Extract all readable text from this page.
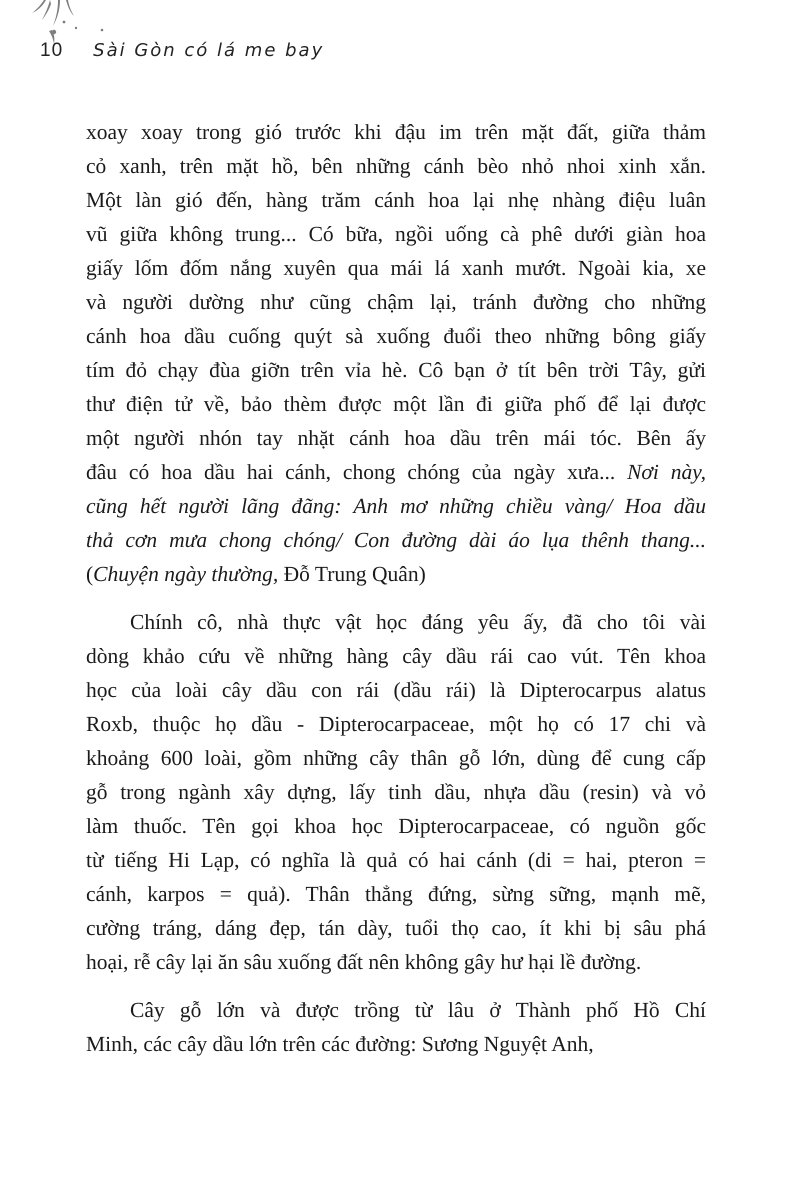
10 Sài Gòn có lá me bay
xoay xoay trong gió trước khi đậu im trên mặt đất, giữa thảm
cỏ xanh, trên mặt hồ, bên những cánh bèo nhỏ nhoi xinh xắn.
Một làn gió đến, hàng trăm cánh hoa lại nhẹ nhàng điệu luân
vũ giữa không trung... Có bữa, ngồi uống cà phê dưới giàn hoa
giấy lốm đốm nắng xuyên qua mái lá xanh mướt. Ngoài kia, xe
và người dường như cũng chậm lại, tránh đường cho những
cánh hoa dầu cuống quýt sà xuống đuổi theo những bông giấy
tím đỏ chạy đùa giỡn trên vỉa hè. Cô bạn ở tít bên trời Tây, gửi
thư điện tử về, bảo thèm được một lần đi giữa phố để lại được
một người nhón tay nhặt cánh hoa dầu trên mái tóc. Bên ấy
đâu có hoa dầu hai cánh, chong chóng của ngày xưa... Nơi này,
cũng hết người lãng đãng: Anh mơ những chiều vàng/ Hoa dầu
thả cơn mưa chong chóng/ Con đường dài áo lụa thênh thang...
(Chuyện ngày thường, Đỗ Trung Quân)
Chính cô, nhà thực vật học đáng yêu ấy, đã cho tôi vài
dòng khảo cứu về những hàng cây dầu rái cao vút. Tên khoa
học của loài cây dầu con rái (dầu rái) là Dipterocarpus alatus
Roxb, thuộc họ dầu - Dipterocarpaceae, một họ có 17 chi và
khoảng 600 loài, gồm những cây thân gỗ lớn, dùng để cung cấp
gỗ trong ngành xây dựng, lấy tinh dầu, nhựa dầu (resin) và vỏ
làm thuốc. Tên gọi khoa học Dipterocarpaceae, có nguồn gốc
từ tiếng Hi Lạp, có nghĩa là quả có hai cánh (di = hai, pteron =
cánh, karpos = quả). Thân thẳng đứng, sừng sững, mạnh mẽ,
cường tráng, dáng đẹp, tán dày, tuổi thọ cao, ít khi bị sâu phá
hoại, rễ cây lại ăn sâu xuống đất nên không gây hư hại lề đường.
Cây gỗ lớn và được trồng từ lâu ở Thành phố Hồ Chí
Minh, các cây dầu lớn trên các đường: Sương Nguyệt Anh,
